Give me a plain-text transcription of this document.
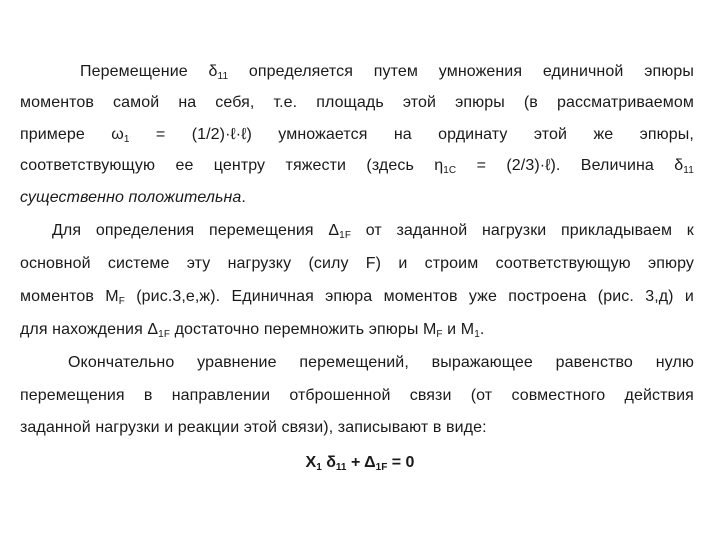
Перемещение $\delta_{11}$ определяется путем умножения единичной эпюры
моментов самой на себя, т.е. площадь этой эпюры (в рассматриваемом
примере $\omega_1$ = (1/2)·ℓ·ℓ) умножается на ординату этой же эпюры,
соответствующую ее центру тяжести (здесь $\eta_{1C}$ = (2/3)·ℓ). Величина $\delta_{11}$
существенно положительна.
Для определения перемещения $\Delta_{1F}$ от заданной нагрузки прикладываем к
основной системе эту нагрузку (силу F) и строим соответствующую эпюру
моментов $M_F$ (рис.3,е,ж). Единичная эпюра моментов уже построена (рис. 3,д) и
для нахождения $\Delta_{1F}$ достаточно перемножить эпюры $M_F$ и $M_1$.
Окончательно уравнение перемещений, выражающее равенство нулю
перемещения в направлении отброшенной связи (от совместного действия
заданной нагрузки и реакции этой связи), записывают в виде:
$X_1$ $\delta_{11} + \Delta_{1F} = 0$
